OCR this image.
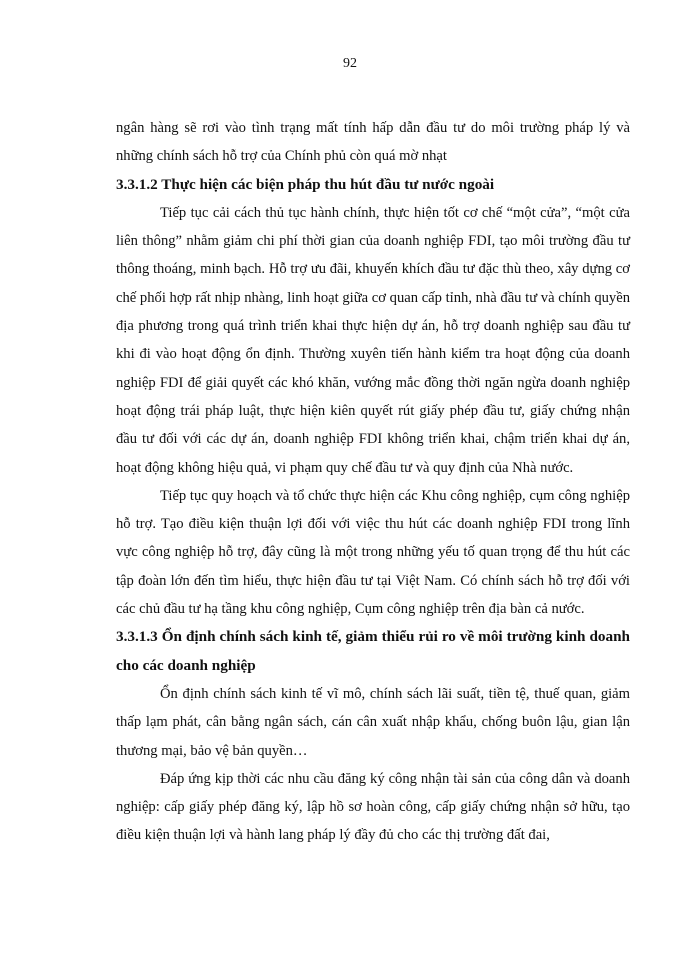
92

ngân hàng sẽ rơi vào tình trạng mất tính hấp dẫn đầu tư do môi trường pháp lý và những chính sách hỗ trợ của Chính phủ còn quá mờ nhạt

3.3.1.2 Thực hiện các biện pháp thu hút đầu tư nước ngoài

Tiếp tục cải cách thủ tục hành chính, thực hiện tốt cơ chế “một cửa”, “một cửa liên thông” nhằm giảm chi phí thời gian của doanh nghiệp FDI, tạo môi trường đầu tư thông thoáng, minh bạch. Hỗ trợ ưu đãi, khuyến khích đầu tư đặc thù theo, xây dựng cơ chế phối hợp rất nhịp nhàng, linh hoạt giữa cơ quan cấp tỉnh, nhà đầu tư và chính quyền địa phương trong quá trình triển khai thực hiện dự án, hỗ trợ doanh nghiệp sau đầu tư khi đi vào hoạt động ổn định. Thường xuyên tiến hành kiểm tra hoạt động của doanh nghiệp FDI để giải quyết các khó khăn, vướng mắc đồng thời ngăn ngừa doanh nghiệp hoạt động trái pháp luật, thực hiện kiên quyết rút giấy phép đầu tư, giấy chứng nhận đầu tư đối với các dự án, doanh nghiệp FDI không triển khai, chậm triển khai dự án, hoạt động không hiệu quả, vi phạm quy chế đầu tư và quy định của Nhà nước.

Tiếp tục quy hoạch và tổ chức thực hiện các Khu công nghiệp, cụm công nghiệp hỗ trợ. Tạo điều kiện thuận lợi đối với việc thu hút các doanh nghiệp FDI trong lĩnh vực công nghiệp hỗ trợ, đây cũng là một trong những yếu tố quan trọng để thu hút các tập đoàn lớn đến tìm hiểu, thực hiện đầu tư tại Việt Nam. Có chính sách hỗ trợ đối với các chủ đầu tư hạ tầng khu công nghiệp, Cụm công nghiệp trên địa bàn cả nước.

3.3.1.3 Ổn định chính sách kinh tế, giảm thiểu rủi ro về môi trường kinh doanh cho các doanh nghiệp

Ổn định chính sách kinh tế vĩ mô, chính sách lãi suất, tiền tệ, thuế quan, giảm thấp lạm phát, cân bằng ngân sách, cán cân xuất nhập khẩu, chống buôn lậu, gian lận thương mại, bảo vệ bản quyền…

Đáp ứng kịp thời các nhu cầu đăng ký công nhận tài sản của công dân và doanh nghiệp: cấp giấy phép đăng ký, lập hồ sơ hoàn công, cấp giấy chứng nhận sở hữu, tạo điều kiện thuận lợi và hành lang pháp lý đầy đủ cho các thị trường đất đai,
